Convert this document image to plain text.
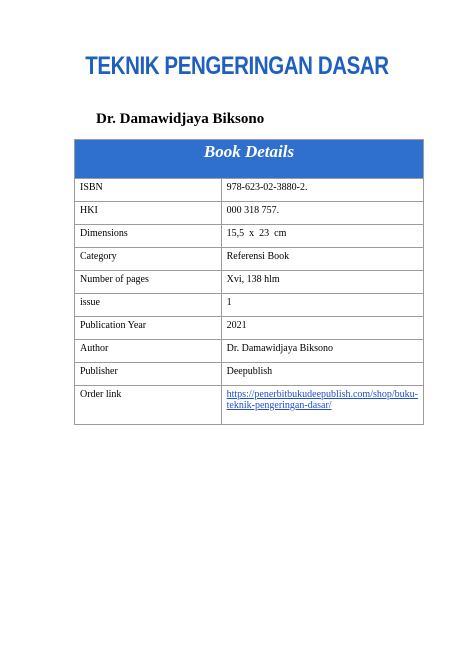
TEKNIK PENGERINGAN DASAR
Dr. Damawidjaya Biksono
Book Details	
ISBN	978-623-02-3880-2.
HKI	000 318 757.
Dimensions	15,5  x  23  cm
Category	Referensi Book
Number of pages	Xvi, 138 hlm
issue	1
Publication Year	2021
Author	Dr. Damawidjaya Biksono
Publisher	Deepublish
Order link	https://penerbitbukudeepublish.com/shop/buku-
teknik-pengeringan-dasar/
